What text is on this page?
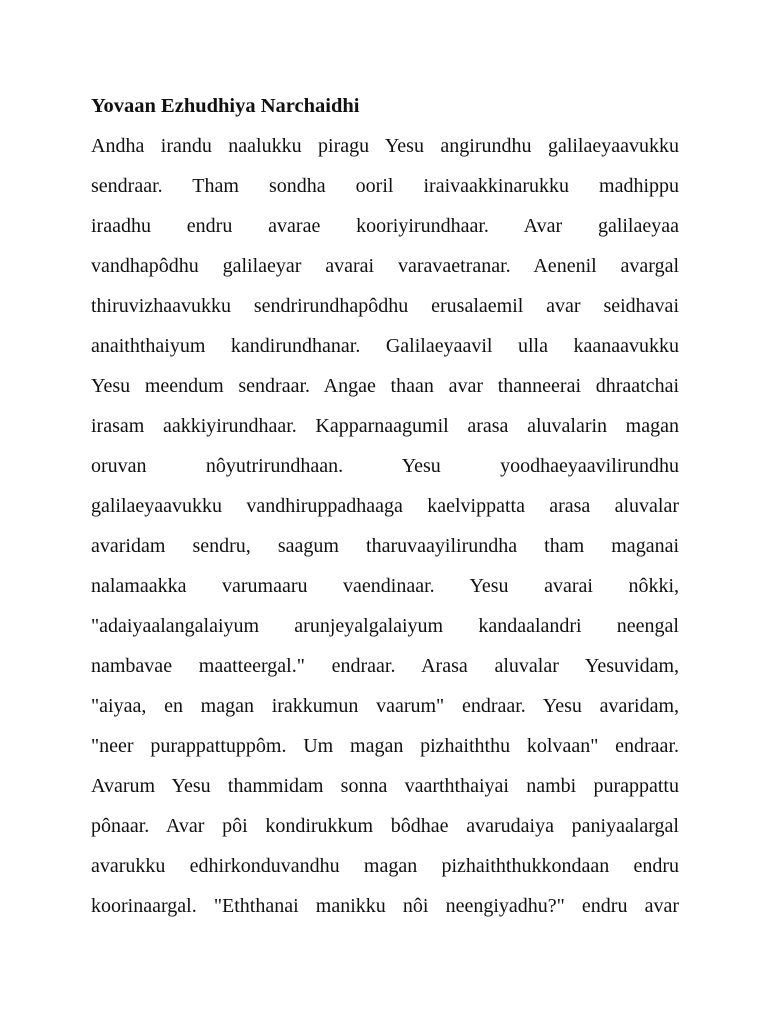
Yovaan Ezhudhiya Narchaidhi
Andha irandu naalukku piragu Yesu angirundhu galilaeyaavukku
sendraar. Tham sondha ooril iraivaakkinarukku madhippu
iraadhu endru avarae kooriyirundhaar. Avar galilaeyaa
vandhapôdhu galilaeyar avarai varavaetranar. Aenenil avargal
thiruvizhaavukku sendrirundhapôdhu erusalaemil avar seidhavai
anaiththaiyum kandirundhanar. Galilaeyaavil ulla kaanaavukku
Yesu meendum sendraar. Angae thaan avar thanneerai dhraatchai
irasam aakkiyirundhaar. Kapparnaagumil arasa aluvalarin magan
oruvan nôyutrirundhaan. Yesu yoodhaeyaavilirundhu
galilaeyaavukku vandhiruppadhaaga kaelvippatta arasa aluvalar
avaridam sendru, saagum tharuvaayilirundha tham maganai
nalamaakka varumaaru vaendinaar. Yesu avarai nôkki,
"adaiyaalangalaiyum arunjeyalgalaiyum kandaalandri neengal
nambavae maatteergal." endraar. Arasa aluvalar Yesuvidam,
"aiyaa, en magan irakkumun vaarum" endraar. Yesu avaridam,
"neer purappattuppôm. Um magan pizhaiththu kolvaan" endraar.
Avarum Yesu thammidam sonna vaarththaiyai nambi purappattu
pônaar. Avar pôi kondirukkum bôdhae avarudaiya paniyaalargal
avarukku edhirkonduvandhu magan pizhaiththukkondaan endru
koorinaargal. "Eththanai manikku nôi neengiyadhu?" endru avar
